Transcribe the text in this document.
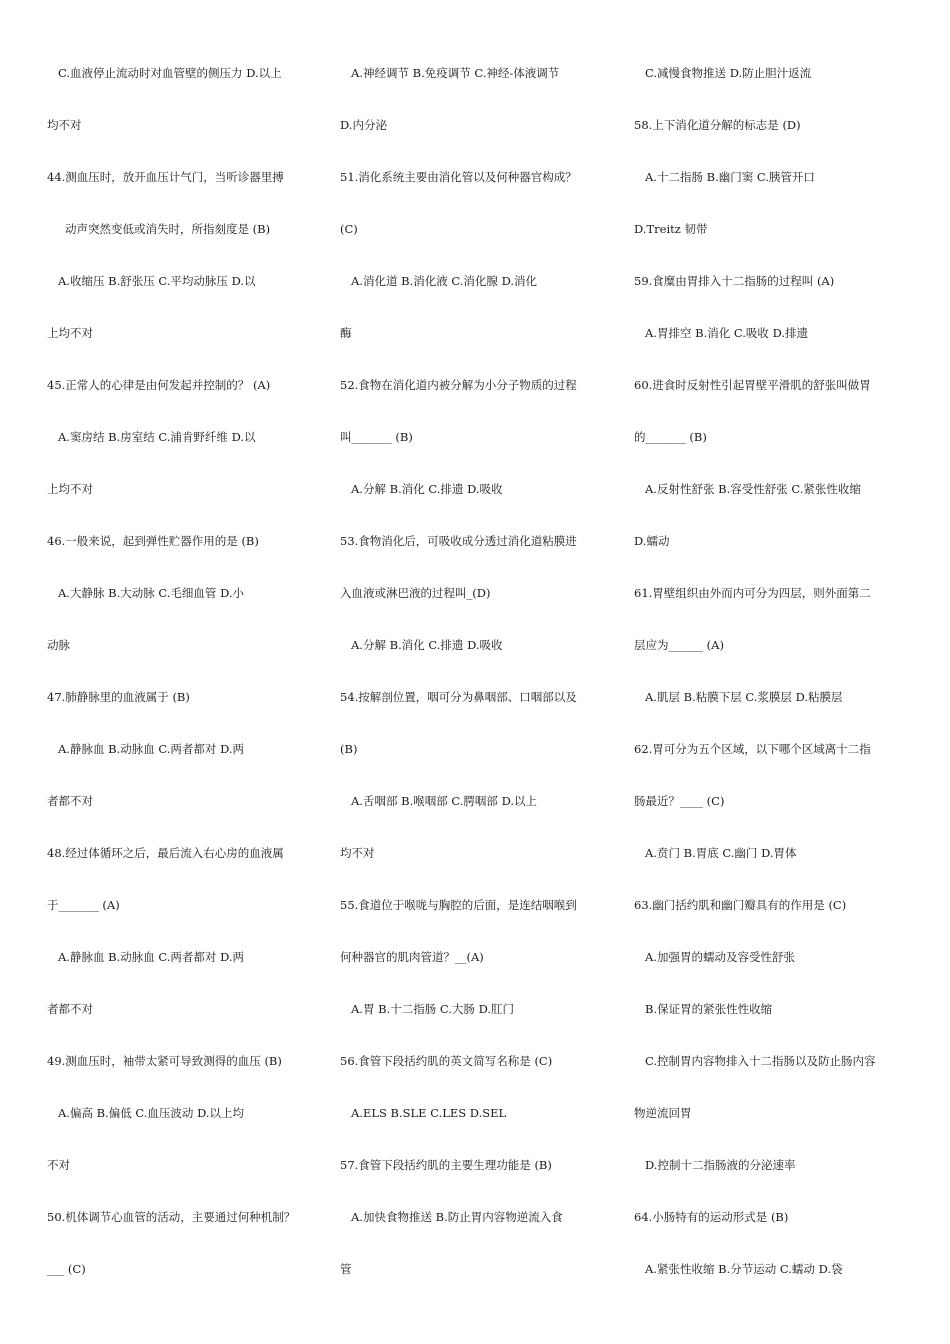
C.血液停止流动时对血管壁的侧压力 D.以上
均不对
44.测血压时，放开血压计气门，当听诊器里搏
动声突然变低或消失时，所指刻度是 (B)
A.收缩压 B.舒张压 C.平均动脉压 D.以
上均不对
45.正常人的心律是由何发起并控制的？ (A)
A.窦房结 B.房室结 C.浦肯野纤维 D.以
上均不对
46.一般来说，起到弹性贮器作用的是 (B)
A.大静脉 B.大动脉 C.毛细血管 D.小
动脉
47.肺静脉里的血液属于 (B)
A.静脉血 B.动脉血 C.两者都对 D.两
者都不对
48.经过体循环之后，最后流入右心房的血液属
于_______ (A)
A.静脉血 B.动脉血 C.两者都对 D.两
者都不对
49.测血压时，袖带太紧可导致测得的血压 (B)
A.偏高 B.偏低 C.血压波动 D.以上均
不对
50.机体调节心血管的活动，主要通过何种机制？
___ (C)
A.神经调节 B.免疫调节 C.神经-体液调节
D.内分泌
51.消化系统主要由消化管以及何种器官构成？
(C)
A.消化道 B.消化液 C.消化腺 D.消化
酶
52.食物在消化道内被分解为小分子物质的过程
叫_______ (B)
A.分解 B.消化 C.排遗 D.吸收
53.食物消化后，可吸收成分透过消化道粘膜进
入血液或淋巴液的过程叫_(D)
A.分解 B.消化 C.排遗 D.吸收
54.按解剖位置，咽可分为鼻咽部、口咽部以及
(B)
A.舌咽部 B.喉咽部 C.腭咽部 D.以上
均不对
55.食道位于喉咙与胸腔的后面，是连结咽喉到
何种器官的肌肉管道？__(A)
A.胃 B.十二指肠 C.大肠 D.肛门
56.食管下段括约肌的英文简写名称是 (C)
A.ELS B.SLE C.LES D.SEL
57.食管下段括约肌的主要生理功能是 (B)
A.加快食物推送 B.防止胃内容物逆流入食
管
C.减慢食物推送 D.防止胆汁返流
58.上下消化道分解的标志是 (D)
A.十二指肠 B.幽门窦 C.胰管开口
D.Treitz 韧带
59.食糜由胃排入十二指肠的过程叫 (A)
A.胃排空 B.消化 C.吸收 D.排遗
60.进食时反射性引起胃壁平滑肌的舒张叫做胃
的_______ (B)
A.反射性舒张 B.容受性舒张 C.紧张性收缩
D.蠕动
61.胃壁组织由外而内可分为四层，则外面第二
层应为______ (A)
A.肌层 B.粘膜下层 C.浆膜层 D.粘膜层
62.胃可分为五个区域，以下哪个区域离十二指
肠最近？____ (C)
A.贲门 B.胃底 C.幽门 D.胃体
63.幽门括约肌和幽门瓣具有的作用是 (C)
A.加强胃的蠕动及容受性舒张
B.保证胃的紧张性性收缩
C.控制胃内容物排入十二指肠以及防止肠内容
物逆流回胃
D.控制十二指肠液的分泌速率
64.小肠特有的运动形式是 (B)
A.紧张性收缩 B.分节运动 C.蠕动 D.袋
